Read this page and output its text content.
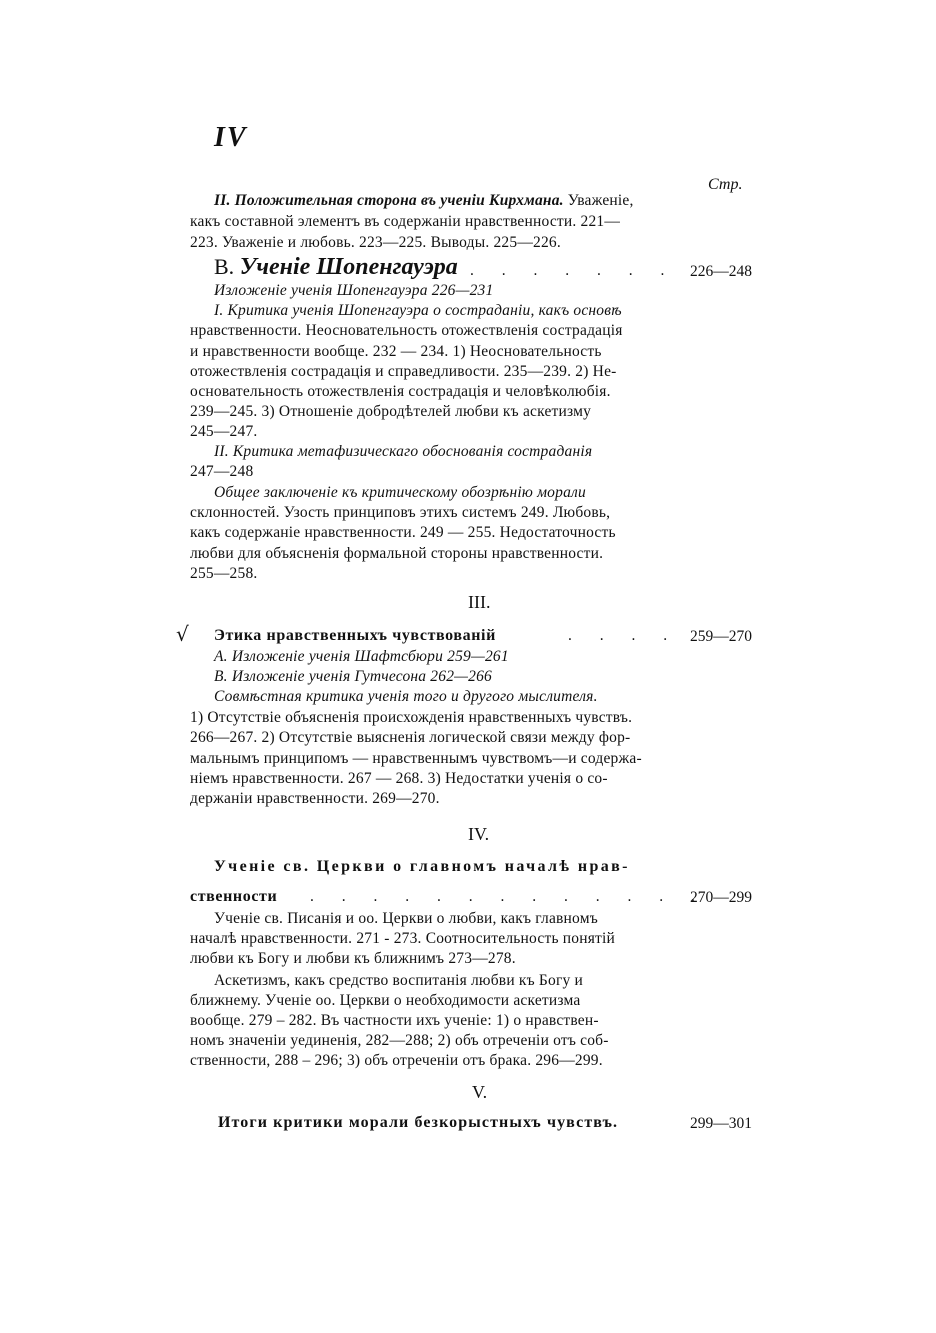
IV
Стр.
II. Положительная сторона въ ученіи Кирхмана. Уваженіе,
какъ составной элементъ въ содержаніи нравственности. 221—
223. Уваженіе и любовь. 223—225. Выводы. 225—226.
В. Ученіе Шопенгауэра . . . . . . . 226—248
Изложеніе ученія Шопенгауэра 226—231
I. Критика ученія Шопенгауэра о состраданіи, какъ основѣ
нравственности. Неосновательность отожествленія сострадація
и нравственности вообще. 232 — 234. 1) Неосновательность
отожествленія сострадація и справедливости. 235—239. 2) Не-
основательность отожествленія сострадація и человѣколюбія.
239—245. 3) Отношеніе добродѣтелей любви къ аскетизму
245—247.
II. Критика метафизическаго обоснованія состраданія
247—248
Общее заключеніе къ критическому обозрѣнію морали
склонностей. Узость принциповъ этихъ системъ 249. Любовь,
какъ содержаніе нравственности. 249 — 255. Недостаточность
любви для объясненія формальной стороны нравственности.
255—258.
III.
√ Этика нравственныхъ чувствованій	. . . . 259—270
А. Изложеніе ученія Шафтсбюри 259—261
В. Изложеніе ученія Гутчесона 262—266
Совмѣстная критика ученія того и другого мыслителя.
1) Отсутствіе объясненія происхожденія нравственныхъ чувствъ.
266—267. 2) Отсутствіе выясненія логической связи между фор-
мальнымъ принципомъ — нравственнымъ чувствомъ—и содержа-
ніемъ нравственности. 267 — 268. 3) Недостатки ученія о со-
держаніи нравственности. 269—270.
IV.
Ученіе св. Церкви о главномъ началѣ нрав-
ственности . . . . . . . . . . . . .
270—299
Ученіе св. Писанія и оо. Церкви о любви, какъ главномъ
началѣ нравственности. 271 - 273. Соотносительность понятій
любви къ Богу и любви къ ближнимъ 273—278.
Аскетизмъ, какъ средство воспитанія любви къ Богу и
ближнему. Ученіе оо. Церкви о необходимости аскетизма
вообще. 279 – 282. Въ частности ихъ ученіе: 1) о нравствен-
номъ значеніи уединенія, 282—288; 2) объ отреченіи отъ соб-
ственности, 288 – 296; 3) объ отреченіи отъ брака. 296—299.
V.
Итоги критики морали безкорыстныхъ чувствъ.	299—301
